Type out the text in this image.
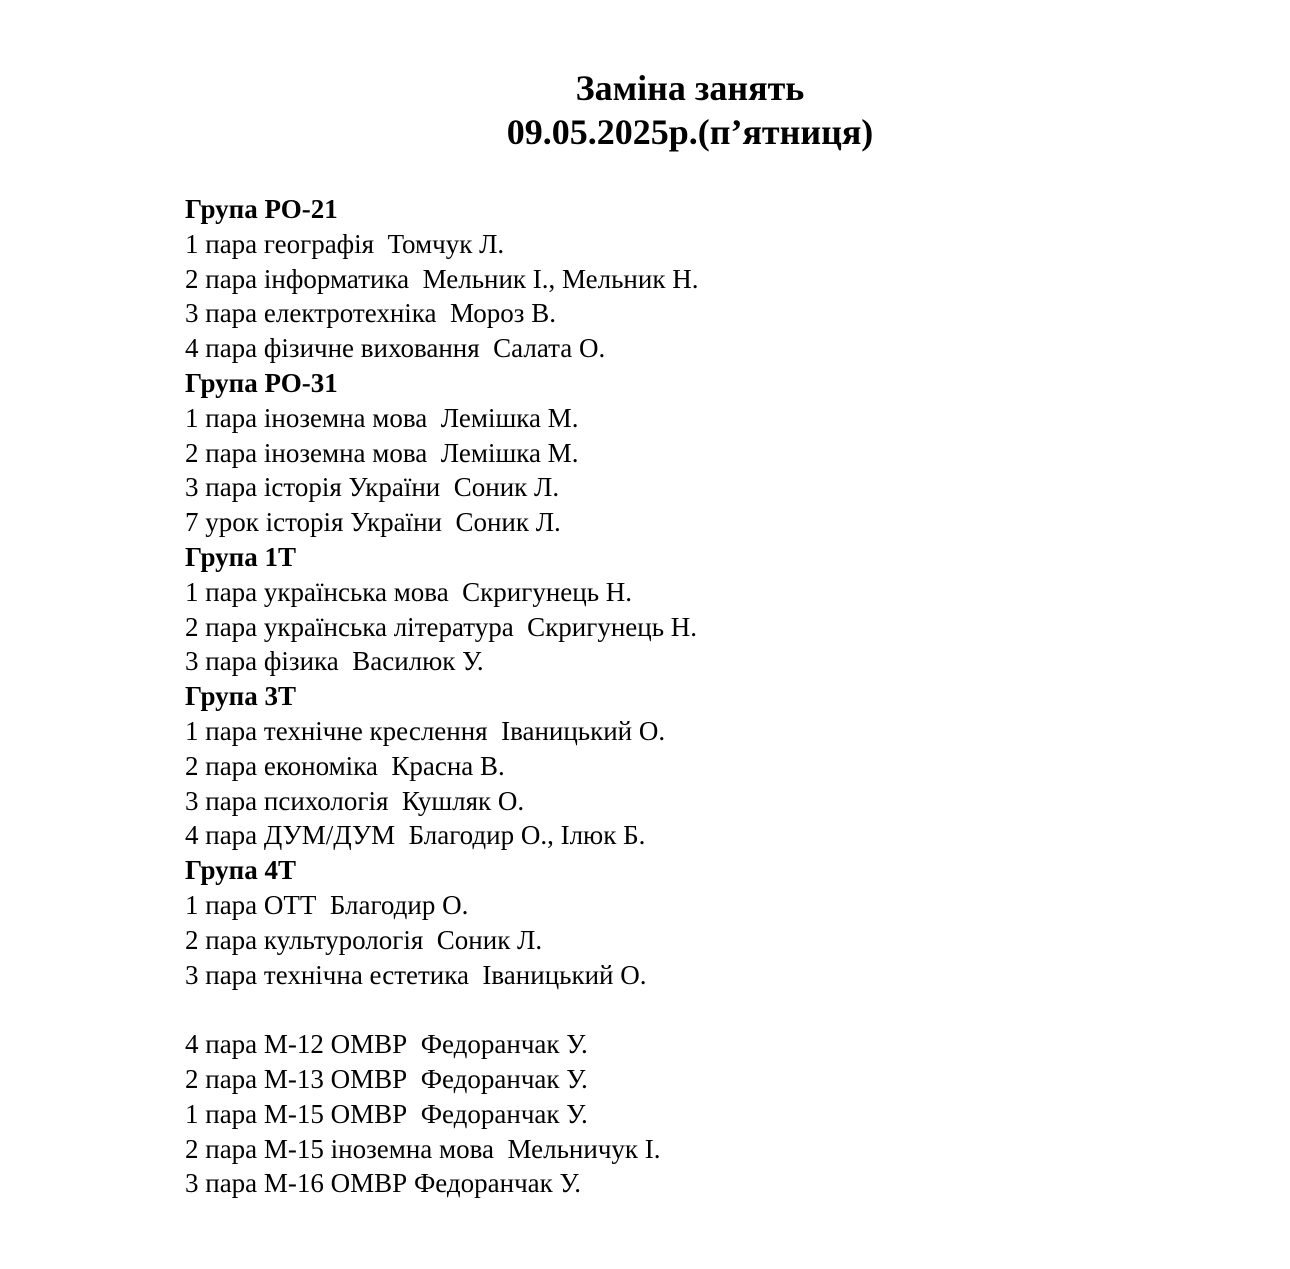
Заміна занять
09.05.2025р.(п’ятниця)
Група РО-21
1 пара географія  Томчук Л.
2 пара інформатика  Мельник І., Мельник Н.
3 пара електротехніка  Мороз В.
4 пара фізичне виховання  Салата О.
Група РО-31
1 пара іноземна мова  Лемішка М.
2 пара іноземна мова  Лемішка М.
3 пара історія України  Соник Л.
7 урок історія України  Соник Л.
Група 1Т
1 пара українська мова  Скригунець Н.
2 пара українська література  Скригунець Н.
3 пара фізика  Василюк У.
Група 3Т
1 пара технічне креслення  Іваницький О.
2 пара економіка  Красна В.
3 пара психологія  Кушляк О.
4 пара ДУМ/ДУМ  Благодир О., Ілюк Б.
Група 4Т
1 пара ОТТ  Благодир О.
2 пара культурологія  Соник Л.
3 пара технічна естетика  Іваницький О.
4 пара М-12 ОМВР  Федоранчак У.
2 пара М-13 ОМВР  Федоранчак У.
1 пара М-15 ОМВР  Федоранчак У.
2 пара М-15 іноземна мова  Мельничук І.
3 пара М-16 ОМВР Федоранчак У.
